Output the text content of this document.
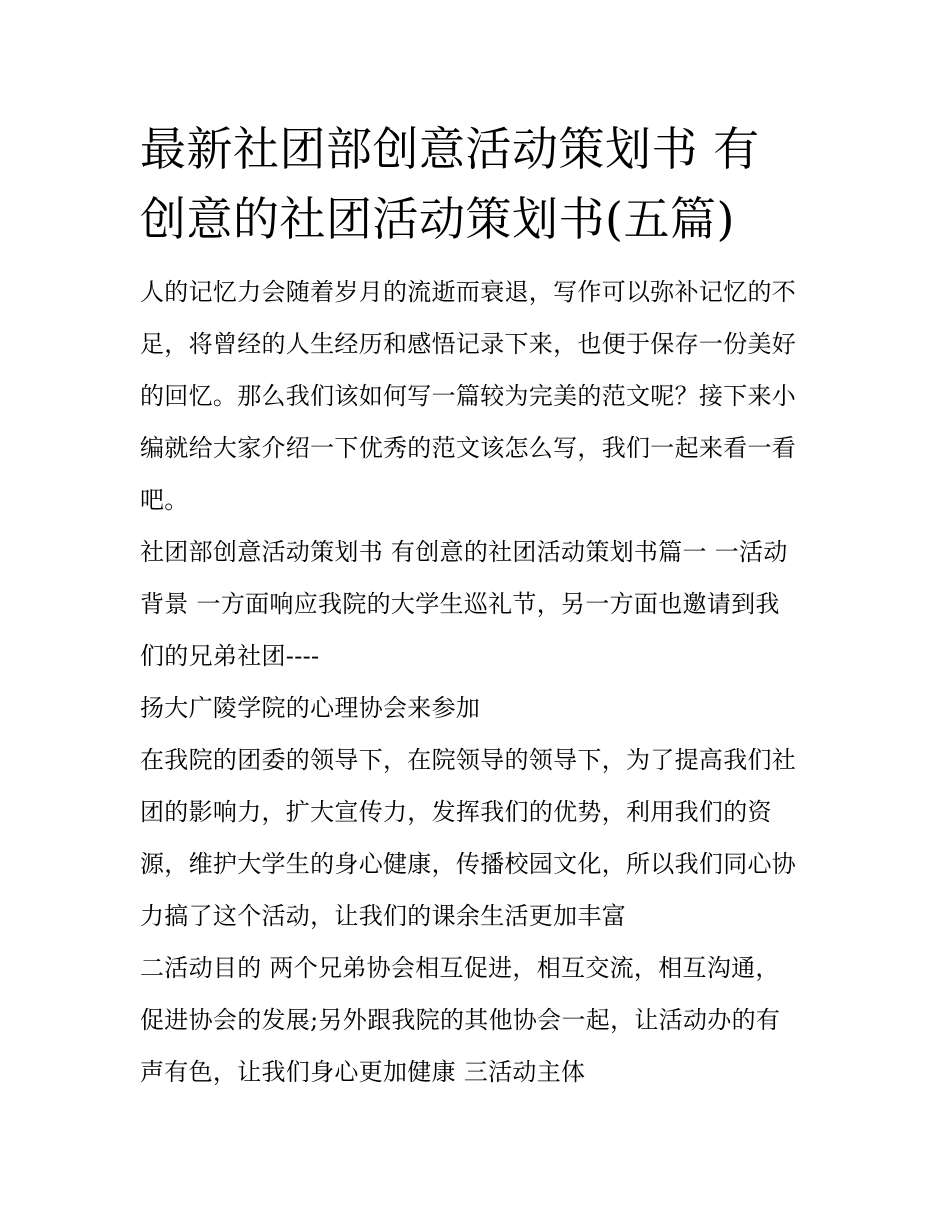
最新社团部创意活动策划书 有
创意的社团活动策划书(五篇)

人的记忆力会随着岁月的流逝而衰退，写作可以弥补记忆的不
足，将曾经的人生经历和感悟记录下来，也便于保存一份美好
的回忆。那么我们该如何写一篇较为完美的范文呢？接下来小
编就给大家介绍一下优秀的范文该怎么写，我们一起来看一看
吧。

社团部创意活动策划书 有创意的社团活动策划书篇一 一活动
背景 一方面响应我院的大学生巡礼节，另一方面也邀请到我
们的兄弟社团----

扬大广陵学院的心理协会来参加

在我院的团委的领导下，在院领导的领导下，为了提高我们社
团的影响力，扩大宣传力，发挥我们的优势，利用我们的资
源，维护大学生的身心健康，传播校园文化，所以我们同心协
力搞了这个活动，让我们的课余生活更加丰富

二活动目的 两个兄弟协会相互促进，相互交流，相互沟通，
促进协会的发展;另外跟我院的其他协会一起，让活动办的有
声有色，让我们身心更加健康 三活动主体
